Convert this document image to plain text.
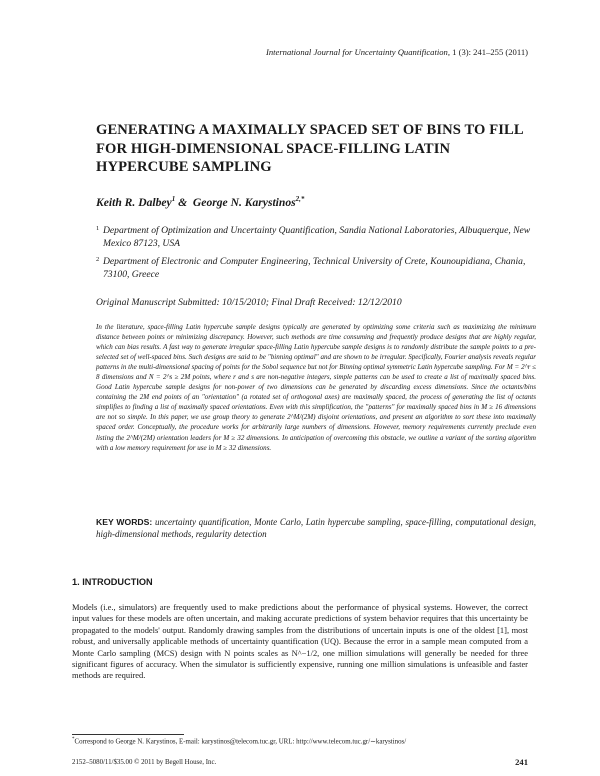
International Journal for Uncertainty Quantification, 1 (3): 241–255 (2011)
GENERATING A MAXIMALLY SPACED SET OF BINS TO FILL FOR HIGH-DIMENSIONAL SPACE-FILLING LATIN HYPERCUBE SAMPLING
Keith R. Dalbey$^1$ & George N. Karystinos$^{2,*}$
1 Department of Optimization and Uncertainty Quantification, Sandia National Laboratories, Albuquerque, New Mexico 87123, USA
2 Department of Electronic and Computer Engineering, Technical University of Crete, Kounoupidiana, Chania, 73100, Greece
Original Manuscript Submitted: 10/15/2010; Final Draft Received: 12/12/2010
In the literature, space-filling Latin hypercube sample designs typically are generated by optimizing some criteria such as maximizing the minimum distance between points or minimizing discrepancy. However, such methods are time consuming and frequently produce designs that are highly regular, which can bias results. A fast way to generate irregular space-filling Latin hypercube sample designs is to randomly distribute the sample points to a pre-selected set of well-spaced bins. Such designs are said to be "binning optimal" and are shown to be irregular. Specifically, Fourier analysis reveals regular patterns in the multi-dimensional spacing of points for the Sobol sequence but not for Binning optimal symmetric Latin hypercube sampling. For M = 2^r ≤ 8 dimensions and N = 2^s ≥ 2M points, where r and s are non-negative integers, simple patterns can be used to create a list of maximally spaced bins. Good Latin hypercube sample designs for non-power of two dimensions can be generated by discarding excess dimensions. Since the octants/bins containing the 2M end points of an "orientation" (a rotated set of orthogonal axes) are maximally spaced, the process of generating the list of octants simplifies to finding a list of maximally spaced orientations. Even with this simplification, the "patterns" for maximally spaced bins in M ≥ 16 dimensions are not so simple. In this paper, we use group theory to generate 2^M/(2M) disjoint orientations, and present an algorithm to sort these into maximally spaced order. Conceptually, the procedure works for arbitrarily large numbers of dimensions. However, memory requirements currently preclude even listing the 2^M/(2M) orientation leaders for M ≥ 32 dimensions. In anticipation of overcoming this obstacle, we outline a variant of the sorting algorithm with a low memory requirement for use in M ≥ 32 dimensions.
KEY WORDS: uncertainty quantification, Monte Carlo, Latin hypercube sampling, space-filling, computational design, high-dimensional methods, regularity detection
1. INTRODUCTION
Models (i.e., simulators) are frequently used to make predictions about the performance of physical systems. However, the correct input values for these models are often uncertain, and making accurate predictions of system behavior requires that this uncertainty be propagated to the models' output. Randomly drawing samples from the distributions of uncertain inputs is one of the oldest [1], most robust, and universally applicable methods of uncertainty quantification (UQ). Because the error in a sample mean computed from a Monte Carlo sampling (MCS) design with N points scales as N^−1/2, one million simulations will generally be needed for three significant figures of accuracy. When the simulator is sufficiently expensive, running one million simulations is unfeasible and faster methods are required.
*Correspond to George N. Karystinos, E-mail: karystinos@telecom.tuc.gr, URL: http://www.telecom.tuc.gr/∼karystinos/
2152–5080/11/$35.00 © 2011 by Begell House, Inc.	241
